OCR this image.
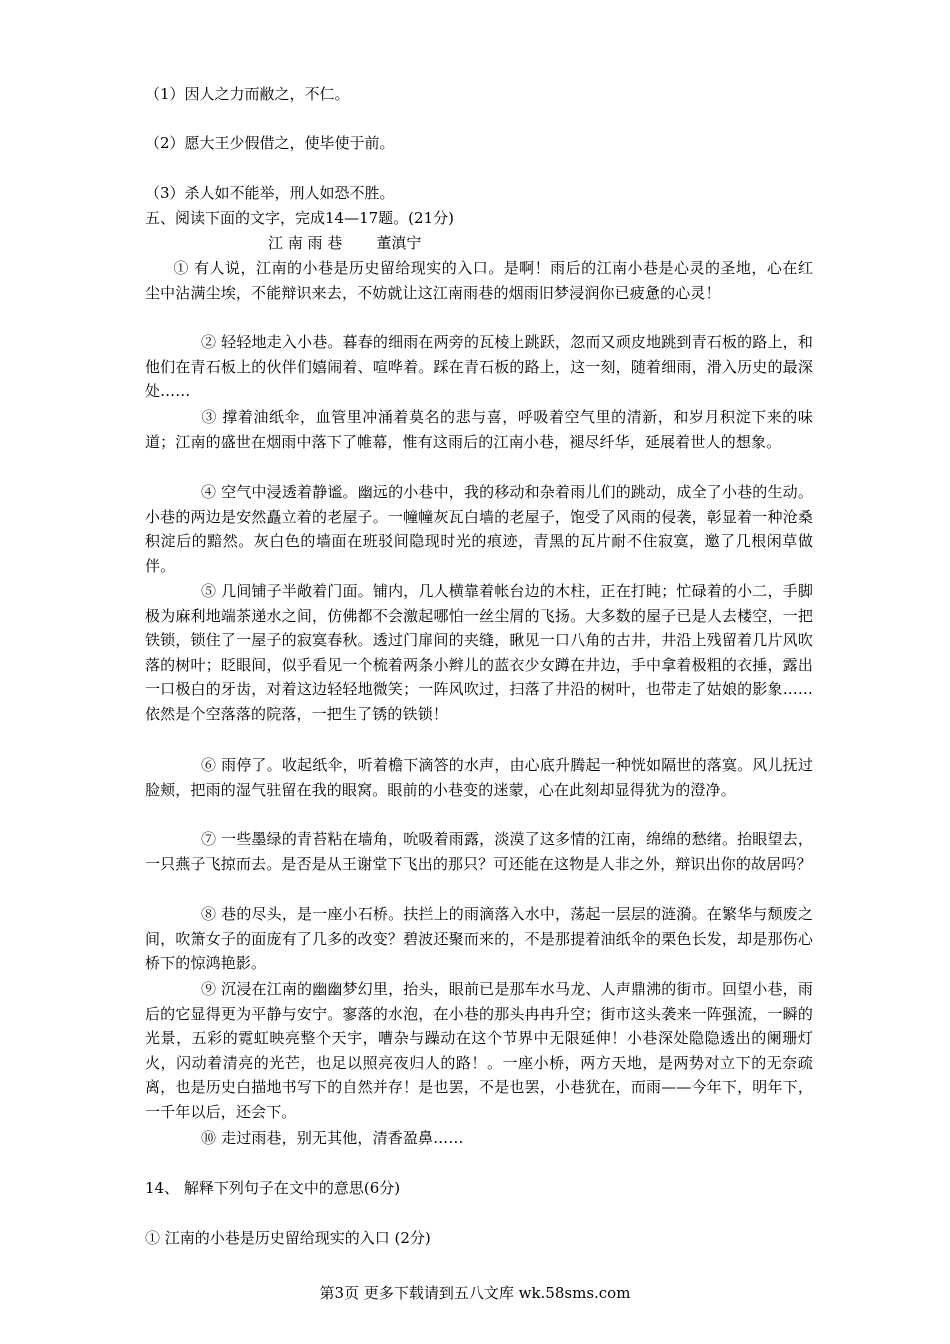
（1）因人之力而敝之，不仁。
（2）愿大王少假借之，使毕使于前。
（3）杀人如不能举，刑人如恐不胜。
五、阅读下面的文字，完成14—17题。(21分)
江 南 雨 巷 董滇宁
① 有人说，江南的小巷是历史留给现实的入口。是啊！雨后的江南小巷是心灵的圣地，心在红尘中沾满尘埃，不能辩识来去，不妨就让这江南雨巷的烟雨旧梦浸润你已疲惫的心灵！
② 轻轻地走入小巷。暮春的细雨在两旁的瓦棱上跳跃，忽而又顽皮地跳到青石板的路上，和他们在青石板上的伙伴们嬉闹着、喧哗着。踩在青石板的路上，这一刻，随着细雨，滑入历史的最深处……
③ 撑着油纸伞，血管里冲涌着莫名的悲与喜，呼吸着空气里的清新，和岁月积淀下来的味道；江南的盛世在烟雨中落下了帷幕，惟有这雨后的江南小巷，褪尽纤华，延展着世人的想象。
④ 空气中浸透着静谧。幽远的小巷中，我的移动和杂着雨儿们的跳动，成全了小巷的生动。小巷的两边是安然矗立着的老屋子。一幢幢灰瓦白墙的老屋子，饱受了风雨的侵袭，彰显着一种沧桑积淀后的黯然。灰白色的墙面在班驳间隐现时光的痕迹，青黑的瓦片耐不住寂寞，邀了几根闲草做伴。
⑤ 几间铺子半敞着门面。铺内，几人横靠着帐台边的木柱，正在打盹；忙碌着的小二，手脚极为麻利地端茶递水之间，仿佛都不会激起哪怕一丝尘屑的飞扬。大多数的屋子已是人去楼空，一把铁锁，锁住了一屋子的寂寞春秋。透过门扉间的夹缝，瞅见一口八角的古井，井沿上残留着几片风吹落的树叶；眨眼间，似乎看见一个梳着两条小辫儿的蓝衣少女蹲在井边，手中拿着极粗的衣捶，露出一口极白的牙齿，对着这边轻轻地微笑；一阵风吹过，扫落了井沿的树叶，也带走了姑娘的影象……依然是个空落落的院落，一把生了锈的铁锁！
⑥ 雨停了。收起纸伞，听着檐下滴答的水声，由心底升腾起一种恍如隔世的落寞。风儿抚过脸颊，把雨的湿气驻留在我的眼窝。眼前的小巷变的迷蒙，心在此刻却显得犹为的澄净。
⑦ 一些墨绿的青苔粘在墙角，吮吸着雨露，淡漠了这多情的江南，绵绵的愁绪。抬眼望去，一只燕子飞掠而去。是否是从王谢堂下飞出的那只？可还能在这物是人非之外，辩识出你的故居吗？
⑧ 巷的尽头，是一座小石桥。扶拦上的雨滴落入水中，荡起一层层的涟漪。在繁华与颓废之间，吹箫女子的面庞有了几多的改变？碧波还聚而来的，不是那提着油纸伞的栗色长发，却是那伤心桥下的惊鸿艳影。
⑨ 沉浸在江南的幽幽梦幻里，抬头，眼前已是那车水马龙、人声鼎沸的街市。回望小巷，雨后的它显得更为平静与安宁。寥落的水泡，在小巷的那头冉冉升空；街市这头袭来一阵强流，一瞬的光景，五彩的霓虹映亮整个天宇，嘈杂与躁动在这个节界中无限延伸！小巷深处隐隐透出的阑珊灯火，闪动着清亮的光芒，也足以照亮夜归人的路！。一座小桥，两方天地，是两势对立下的无奈疏离，也是历史白描地书写下的自然并存！是也罢，不是也罢，小巷犹在，而雨——今年下，明年下，一千年以后，还会下。
⑩ 走过雨巷，别无其他，清香盈鼻……
14、 解释下列句子在文中的意思(6分)
① 江南的小巷是历史留给现实的入口 (2分)
第3页 更多下载请到五八文库 wk.58sms.com
